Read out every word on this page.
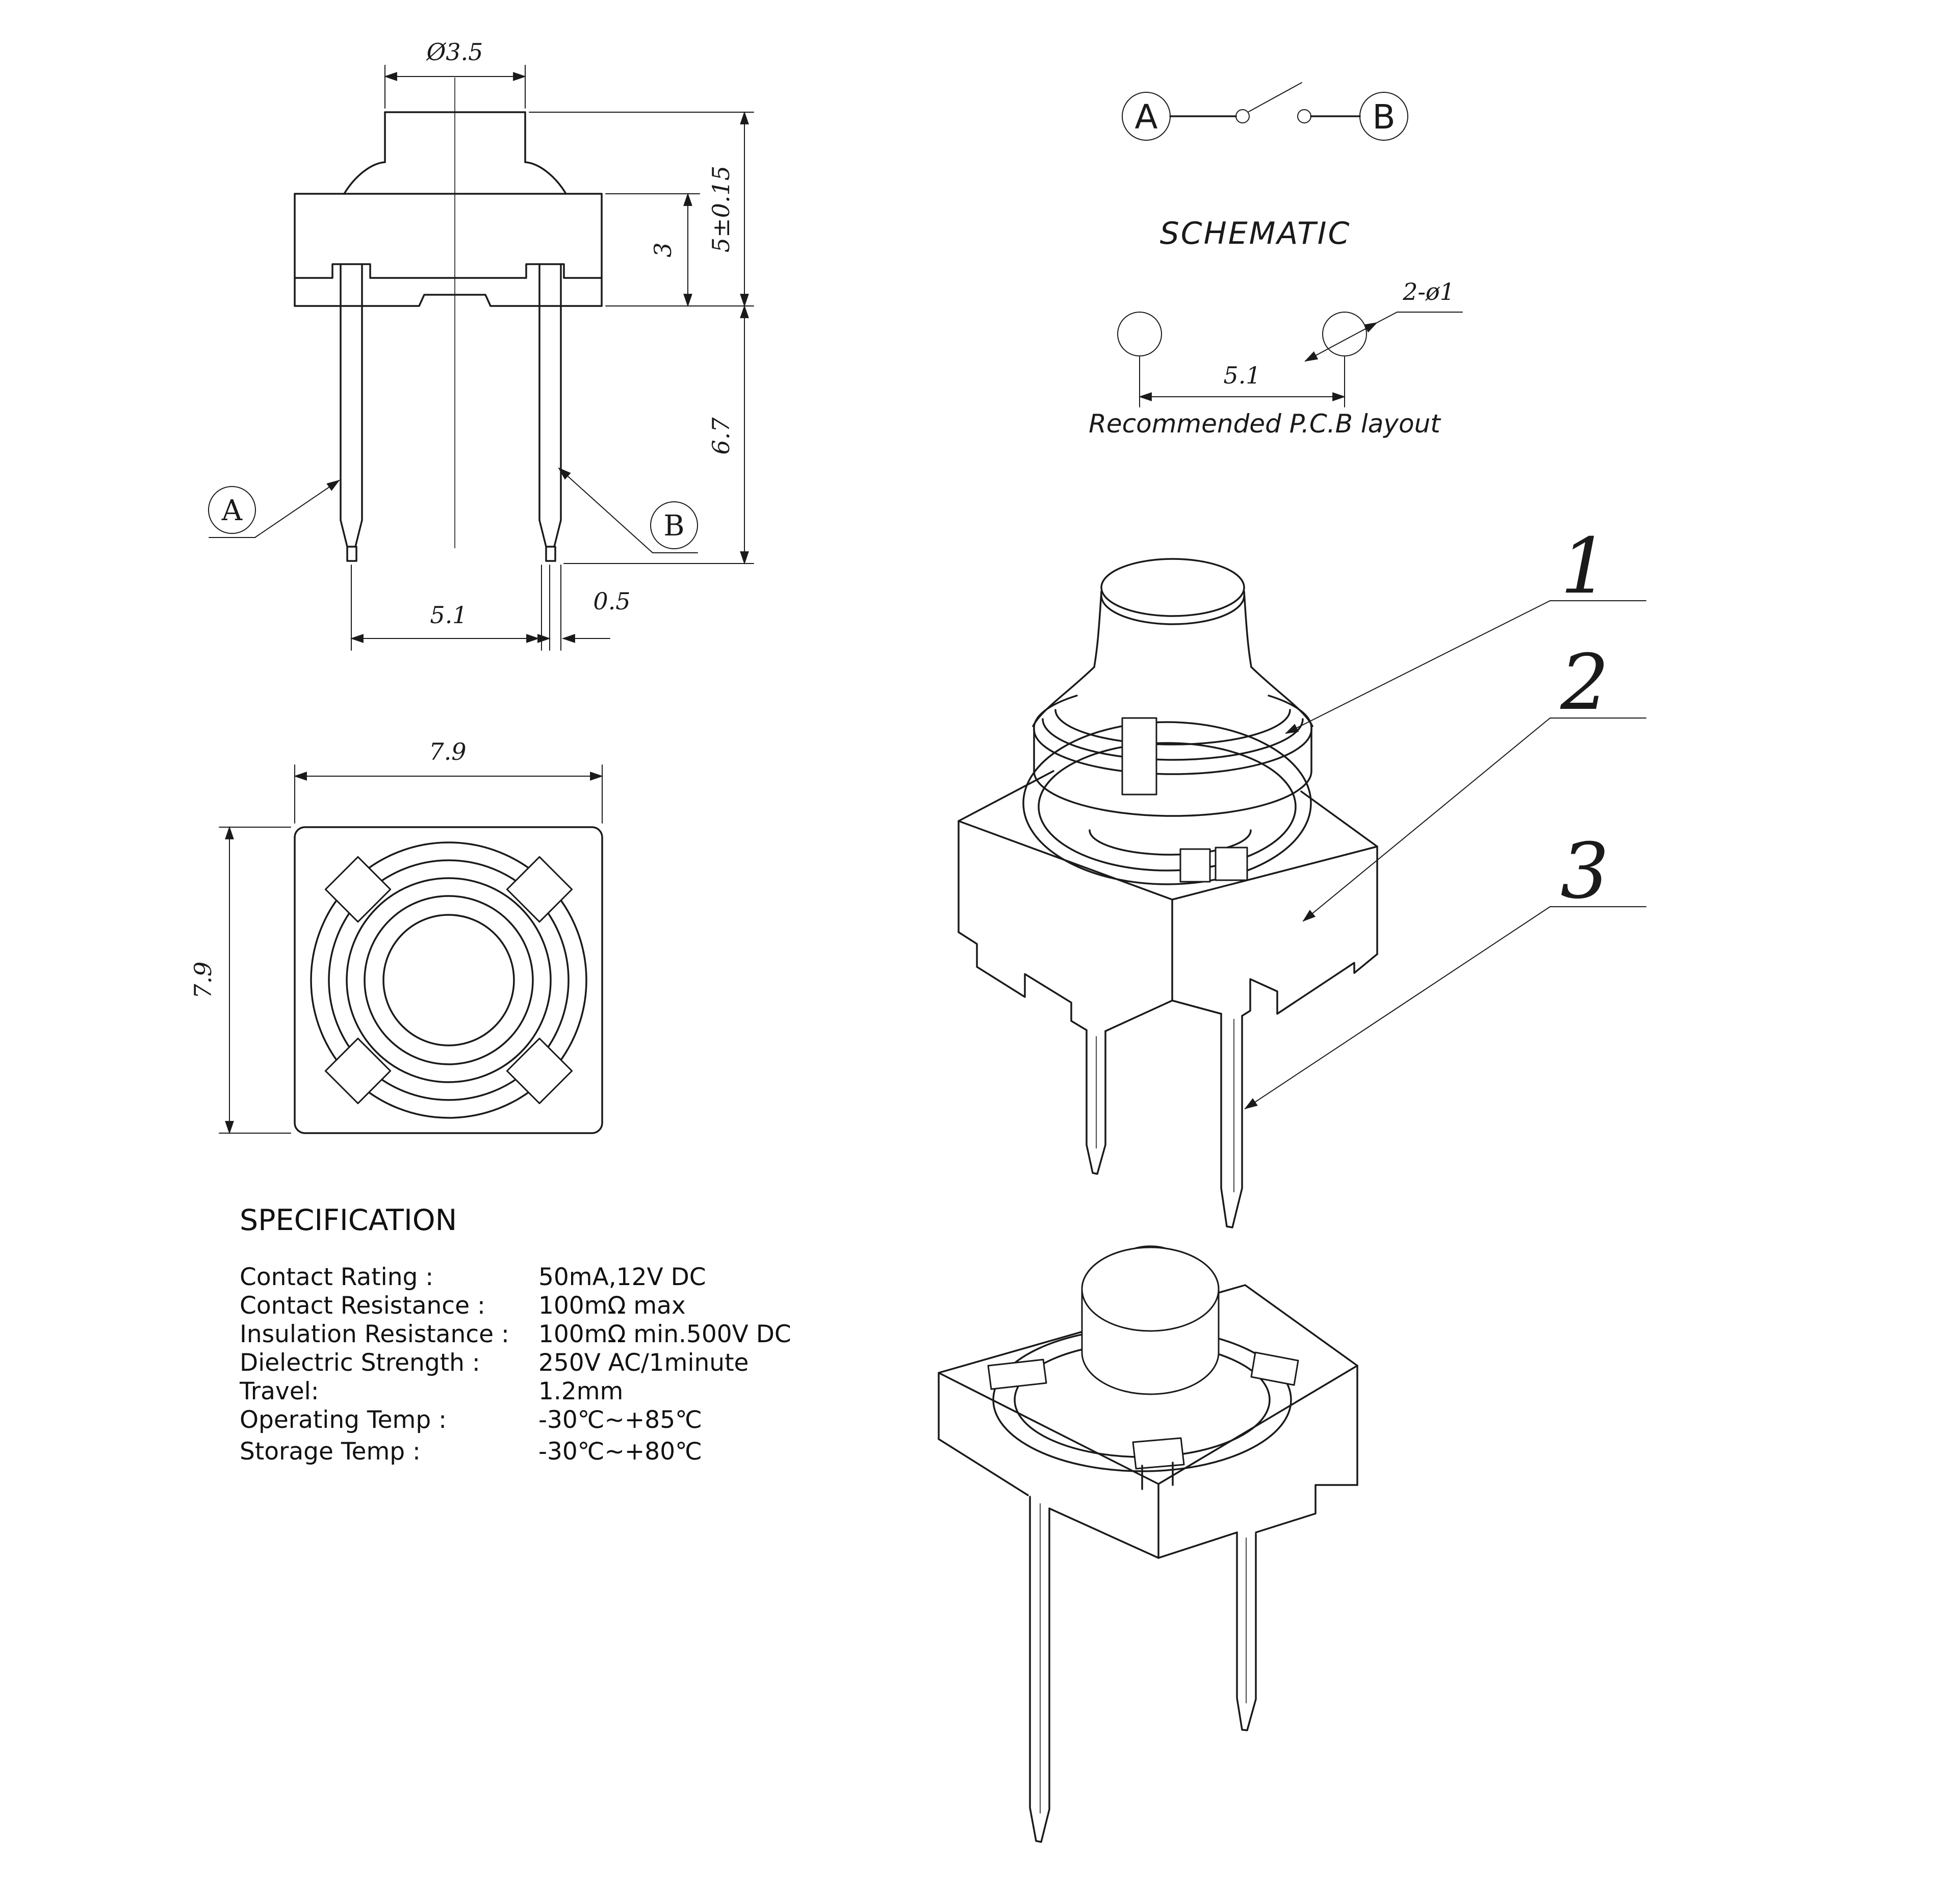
Ø3.5
5±0.15
3
6.7
5.1	0.5
A	B
7.9
7.9
A	B
SCHEMATIC
2-ø1
5.1
Recommended P.C.B layout
1
2
3
SPECIFICATION
Contact Rating :	50mA,12V DC
Contact Resistance : 100mΩ max
Insulation Resistance : 100mΩ min.500V DC
Dielectric Strength : 250V AC/1minute
Travel:	1.2mm
Operating Temp :	-30℃~+85℃
Storage Temp :	-30℃~+80℃
